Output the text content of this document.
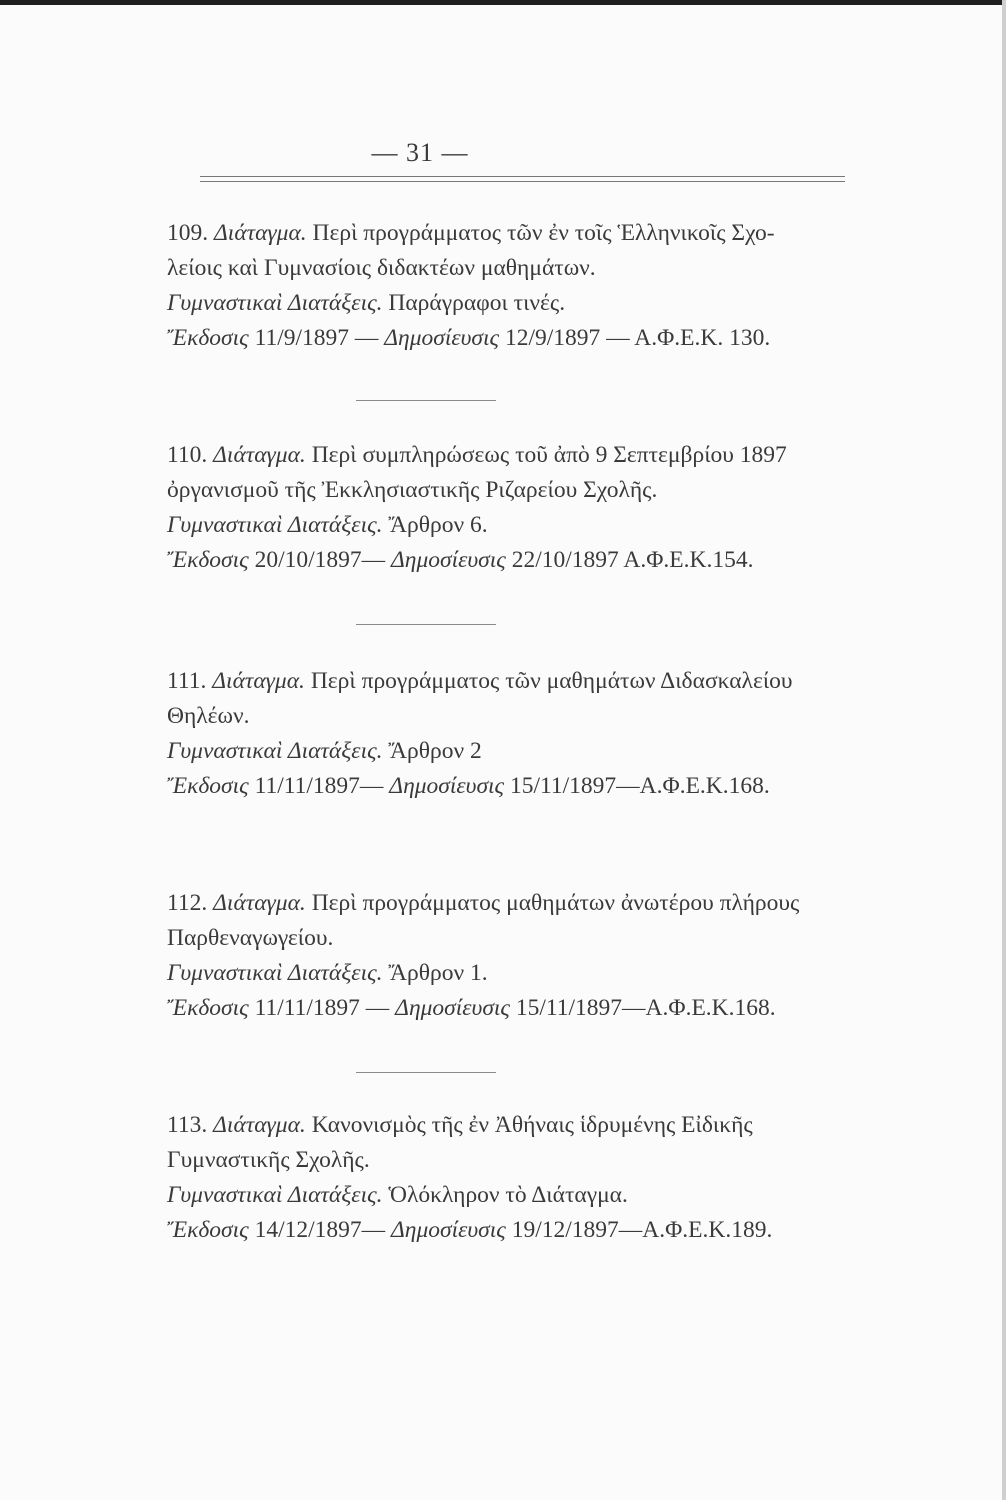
— 31 —
109. Διάταγμα. Περὶ προγράμματος τῶν ἐν τοῖς Ἑλληνικοῖς Σχο-
λείοις καὶ Γυμνασίοις διδακτέων μαθημάτων.
Γυμναστικαὶ Διατάξεις. Παράγραφοι τινές.
Ἔκδοσις 11/9/1897 — Δημοσίευσις 12/9/1897 — Α.Φ.Ε.Κ. 130.
110. Διάταγμα. Περὶ συμπληρώσεως τοῦ ἀπὸ 9 Σεπτεμβρίου 1897
ὀργανισμοῦ τῆς Ἐκκλησιαστικῆς Ριζαρείου Σχολῆς.
Γυμναστικαὶ Διατάξεις. Ἄρθρον 6.
Ἔκδοσις 20/10/1897— Δημοσίευσις 22/10/1897 Α.Φ.Ε.Κ.154.
111. Διάταγμα. Περὶ προγράμματος τῶν μαθημάτων Διδασκαλείου
Θηλέων.
Γυμναστικαὶ Διατάξεις. Ἄρθρον 2
Ἔκδοσις 11/11/1897— Δημοσίευσις 15/11/1897—Α.Φ.Ε.Κ.168.
112. Διάταγμα. Περὶ προγράμματος μαθημάτων ἀνωτέρου πλήρους
Παρθεναγωγείου.
Γυμναστικαὶ Διατάξεις. Ἄρθρον 1.
Ἔκδοσις 11/11/1897 — Δημοσίευσις 15/11/1897—Α.Φ.Ε.Κ.168.
113. Διάταγμα. Κανονισμὸς τῆς ἐν Ἀθήναις ἱδρυμένης Εἰδικῆς
Γυμναστικῆς Σχολῆς.
Γυμναστικαὶ Διατάξεις. Ὁλόκληρον τὸ Διάταγμα.
Ἔκδοσις 14/12/1897— Δημοσίευσις 19/12/1897—Α.Φ.Ε.Κ.189.
